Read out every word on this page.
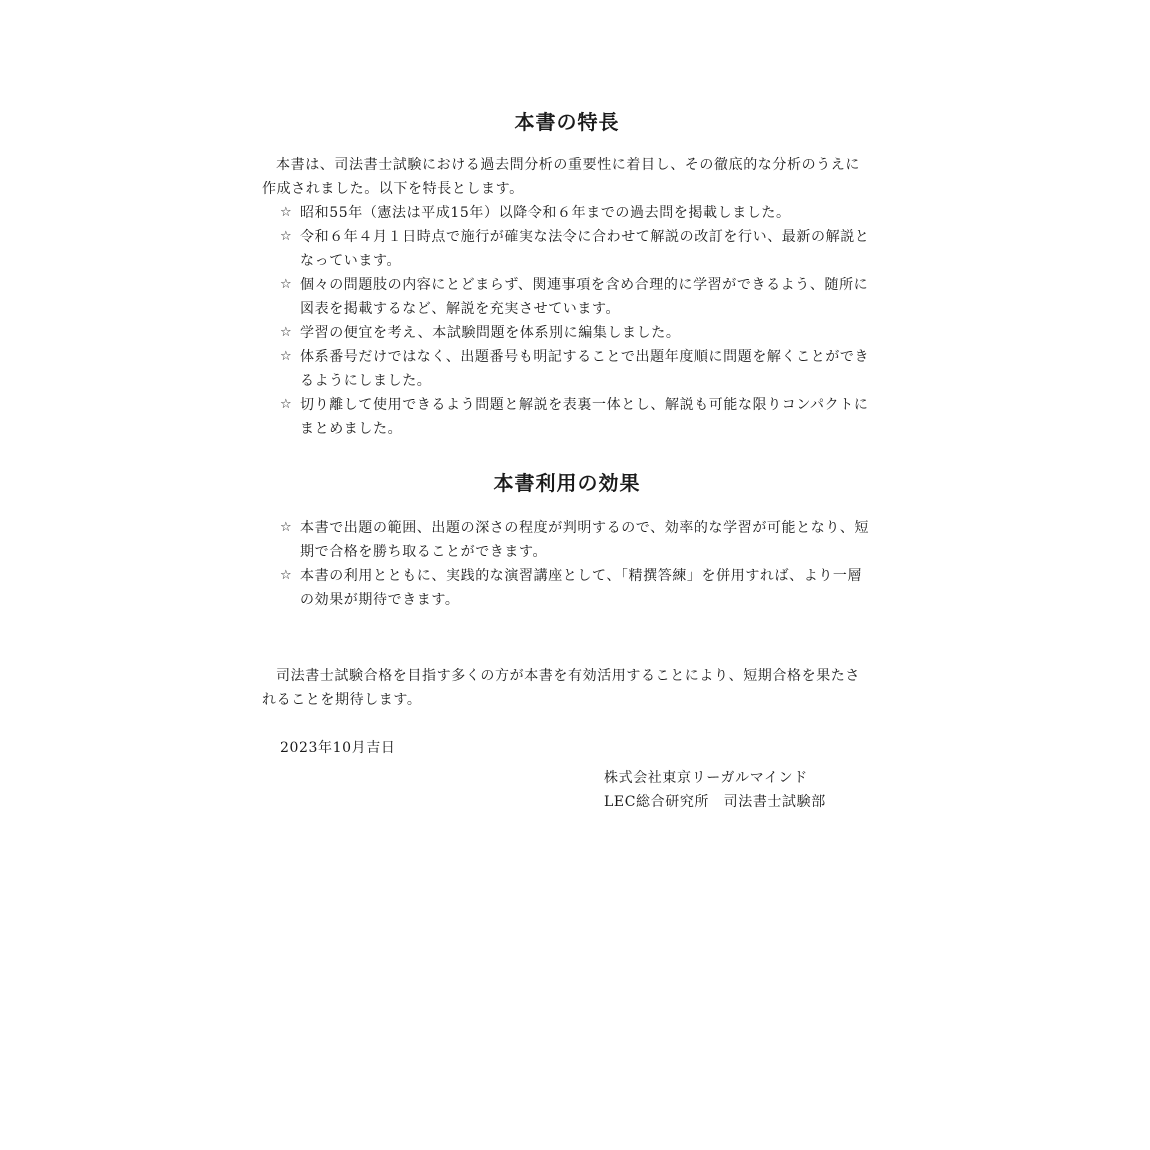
本書の特長

本書は、司法書士試験における過去問分析の重要性に着目し、その徹底的な分析のうえに作成されました。以下を特長とします。

☆ 昭和55年（憲法は平成15年）以降令和６年までの過去問を掲載しました。
☆ 令和６年４月１日時点で施行が確実な法令に合わせて解説の改訂を行い、最新の解説となっています。
☆ 個々の問題肢の内容にとどまらず、関連事項を含め合理的に学習ができるよう、随所に図表を掲載するなど、解説を充実させています。
☆ 学習の便宜を考え、本試験問題を体系別に編集しました。
☆ 体系番号だけではなく、出題番号も明記することで出題年度順に問題を解くことができるようにしました。
☆ 切り離して使用できるよう問題と解説を表裏一体とし、解説も可能な限りコンパクトにまとめました。
本書利用の効果
☆ 本書で出題の範囲、出題の深さの程度が判明するので、効率的な学習が可能となり、短期で合格を勝ち取ることができます。
☆ 本書の利用とともに、実践的な演習講座として、「精撰答練」を併用すれば、より一層の効果が期待できます。

司法書士試験合格を目指す多くの方が本書を有効活用することにより、短期合格を果たされることを期待します。

2023年10月吉日
株式会社東京リーガルマインド
LEC総合研究所　司法書士試験部
